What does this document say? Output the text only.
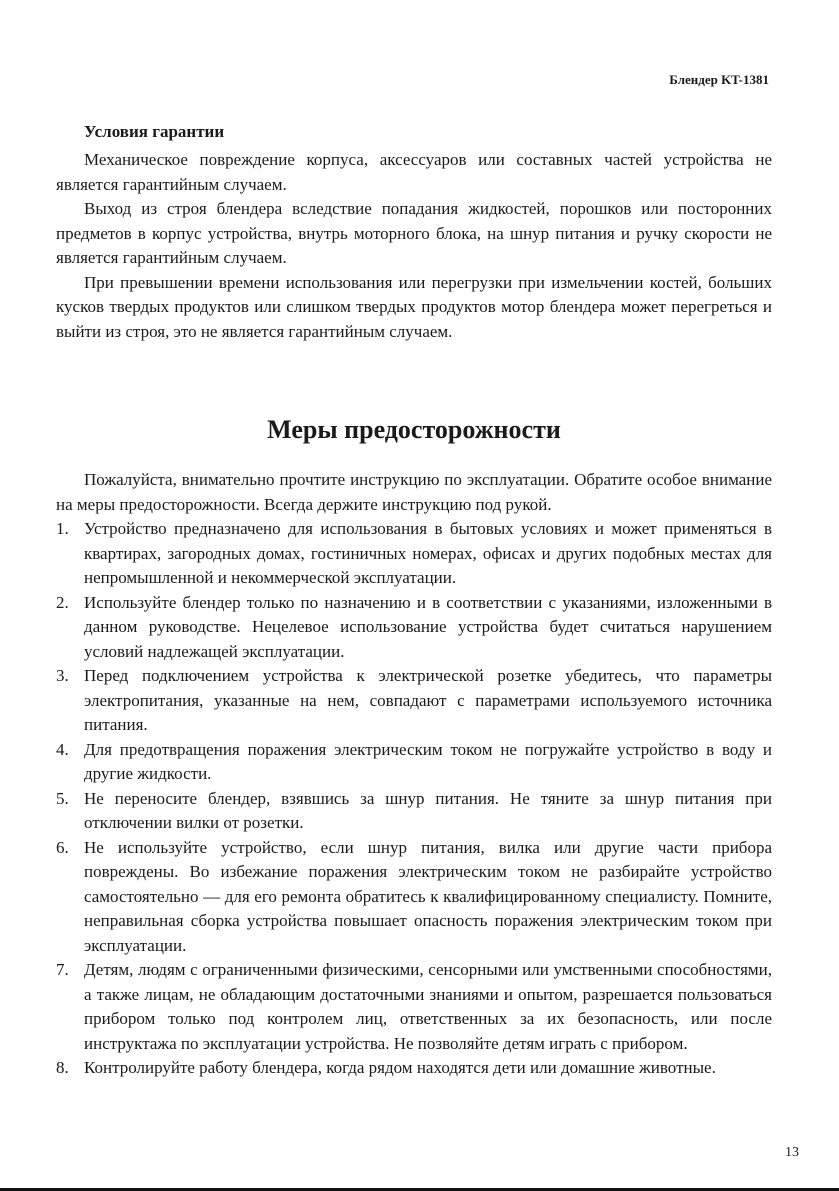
Блендер KT-1381
Условия гарантии

Механическое повреждение корпуса, аксессуаров или составных частей устройства не является гарантийным случаем.

Выход из строя блендера вследствие попадания жидкостей, порошков или посторонних предметов в корпус устройства, внутрь моторного блока, на шнур питания и ручку скорости не является гарантийным случаем.

При превышении времени использования или перегрузки при измельчении костей, больших кусков твердых продуктов или слишком твердых продуктов мотор блендера может перегреться и выйти из строя, это не является гарантийным случаем.

Меры предосторожности

Пожалуйста, внимательно прочтите инструкцию по эксплуатации. Обратите особое внимание на меры предосторожности. Всегда держите инструкцию под рукой.

1. Устройство предназначено для использования в бытовых условиях и может применяться в квартирах, загородных домах, гостиничных номерах, офисах и других подобных местах для непромышленной и некоммерческой эксплуатации.
2. Используйте блендер только по назначению и в соответствии с указаниями, изложенными в данном руководстве. Нецелевое использование устройства будет считаться нарушением условий надлежащей эксплуатации.
3. Перед подключением устройства к электрической розетке убедитесь, что параметры электропитания, указанные на нем, совпадают с параметрами используемого источника питания.
4. Для предотвращения поражения электрическим током не погружайте устройство в воду и другие жидкости.
5. Не переносите блендер, взявшись за шнур питания. Не тяните за шнур питания при отключении вилки от розетки.
6. Не используйте устройство, если шнур питания, вилка или другие части прибора повреждены. Во избежание поражения электрическим током не разбирайте устройство самостоятельно — для его ремонта обратитесь к квалифицированному специалисту. Помните, неправильная сборка устройства повышает опасность поражения электрическим током при эксплуатации.
7. Детям, людям с ограниченными физическими, сенсорными или умственными способностями, а также лицам, не обладающим достаточными знаниями и опытом, разрешается пользоваться прибором только под контролем лиц, ответственных за их безопасность, или после инструктажа по эксплуатации устройства. Не позволяйте детям играть с прибором.
8. Контролируйте работу блендера, когда рядом находятся дети или домашние животные.
13
